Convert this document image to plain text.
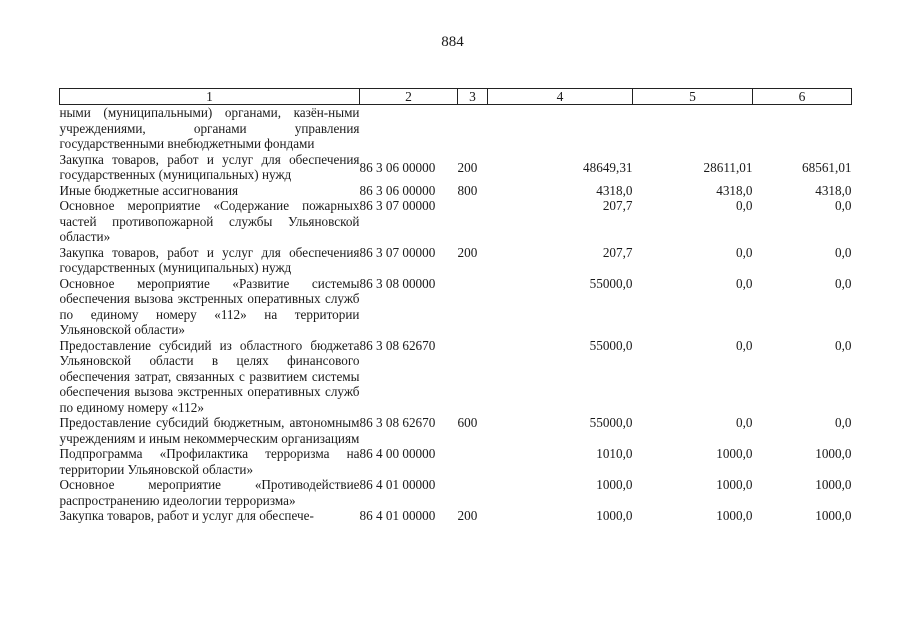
884
1	2	3	4	5	6
ными (муниципальными) органами, казён-ными учреждениями, органами управления государственными внебюджетными фондами					
Закупка товаров, работ и услуг для обеспечения государственных (муниципальных) нужд	86 3 06 00000	200	48649,31	28611,01	68561,01
Иные бюджетные ассигнования	86 3 06 00000	800	4318,0	4318,0	4318,0
Основное мероприятие «Содержание пожарных частей противопожарной службы Ульяновской области»	86 3 07 00000		207,7	0,0	0,0
Закупка товаров, работ и услуг для обеспечения государственных (муниципальных) нужд	86 3 07 00000	200	207,7	0,0	0,0
Основное мероприятие «Развитие системы обеспечения вызова экстренных оперативных служб по единому номеру «112» на территории Ульяновской области»	86 3 08 00000		55000,0	0,0	0,0
Предоставление субсидий из областного бюджета Ульяновской области в целях финансового обеспечения затрат, связанных с развитием системы обеспечения вызова экстренных оперативных служб по единому номеру «112»	86 3 08 62670		55000,0	0,0	0,0
Предоставление субсидий бюджетным, автономным учреждениям и иным некоммерческим организациям	86 3 08 62670	600	55000,0	0,0	0,0
Подпрограмма «Профилактика терроризма на территории Ульяновской области»	86 4 00 00000		1010,0	1000,0	1000,0
Основное мероприятие «Противодействие распространению идеологии терроризма»	86 4 01 00000		1000,0	1000,0	1000,0
Закупка товаров, работ и услуг для обеспече-	86 4 01 00000	200	1000,0	1000,0	1000,0
